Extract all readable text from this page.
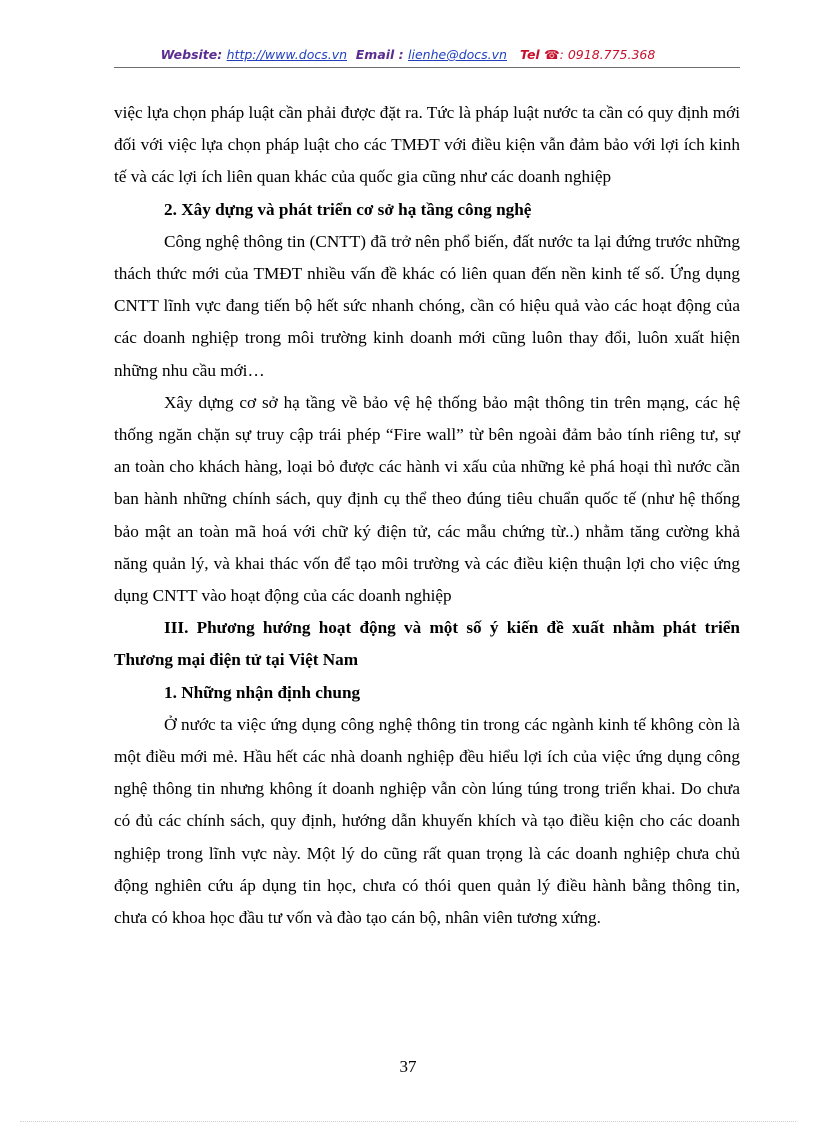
Website: http://www.docs.vn Email : lienhe@docs.vn Tel ☎: 0918.775.368

việc lựa chọn pháp luật cần phải được đặt ra. Tức là pháp luật nước ta cần có quy định mới đối với việc lựa chọn pháp luật cho các TMĐT với điều kiện vẫn đảm bảo với lợi ích kinh tế và các lợi ích liên quan khác của quốc gia cũng như các doanh nghiệp

2. Xây dựng và phát triển cơ sở hạ tầng công nghệ

Công nghệ thông tin (CNTT) đã trở nên phổ biến, đất nước ta lại đứng trước những thách thức mới của TMĐT nhiều vấn đề khác có liên quan đến nền kinh tế số. Ứng dụng CNTT lĩnh vực đang tiến bộ hết sức nhanh chóng, cần có hiệu quả vào các hoạt động của các doanh nghiệp trong môi trường kinh doanh mới cũng luôn thay đổi, luôn xuất hiện những nhu cầu mới…

Xây dựng cơ sở hạ tầng về bảo vệ hệ thống bảo mật thông tin trên mạng, các hệ thống ngăn chặn sự truy cập trái phép “Fire wall” từ bên ngoài đảm bảo tính riêng tư, sự an toàn cho khách hàng, loại bỏ được các hành vi xấu của những kẻ phá hoại thì nước cần ban hành những chính sách, quy định cụ thể theo đúng tiêu chuẩn quốc tế (như hệ thống bảo mật an toàn mã hoá với chữ ký điện tử, các mẫu chứng từ..) nhằm tăng cường khả năng quản lý, và khai thác vốn để tạo môi trường và các điều kiện thuận lợi cho việc ứng dụng CNTT vào hoạt động của các doanh nghiệp

III. Phương hướng hoạt động và một số ý kiến đề xuất nhằm phát triển Thương mại điện tử tại Việt Nam

1. Những nhận định chung

Ở nước ta việc ứng dụng công nghệ thông tin trong các ngành kinh tế không còn là một điều mới mẻ. Hầu hết các nhà doanh nghiệp đều hiểu lợi ích của việc ứng dụng công nghệ thông tin nhưng không ít doanh nghiệp vẫn còn lúng túng trong triển khai. Do chưa có đủ các chính sách, quy định, hướng dẫn khuyến khích và tạo điều kiện cho các doanh nghiệp trong lĩnh vực này. Một lý do cũng rất quan trọng là các doanh nghiệp chưa chủ động nghiên cứu áp dụng tin học, chưa có thói quen quản lý điều hành bằng thông tin, chưa có khoa học đầu tư vốn và đào tạo cán bộ, nhân viên tương xứng.

37
